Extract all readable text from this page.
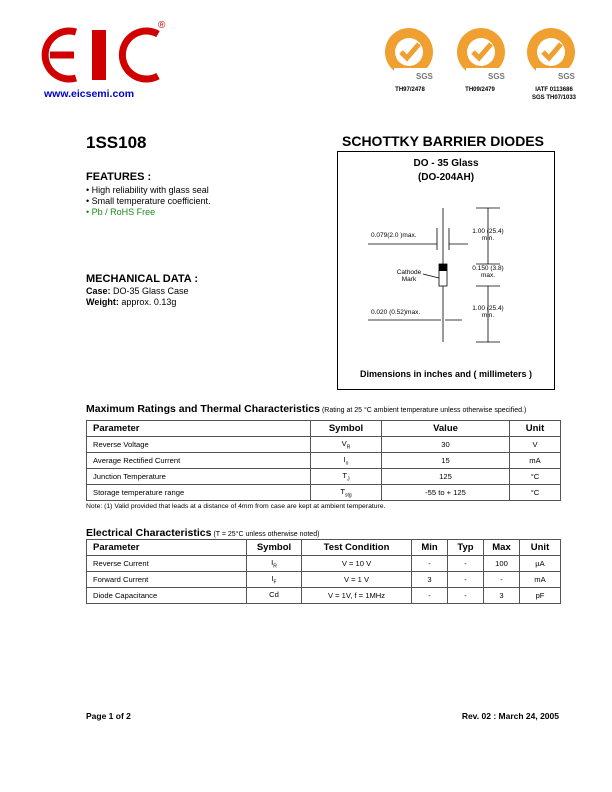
®
www.eicsemi.com
SGS
TH97/2478
SGS
TH09/2479
SGS
IATF 0113686
SGS TH07/1033
1SS108	SCHOTTKY BARRIER DIODES
FEATURES :
• High reliability with glass seal
• Small temperature coefficient.
• Pb / RoHS Free
MECHANICAL DATA :
Case: DO-35 Glass Case
Weight: approx. 0.13g
DO - 35 Glass
(DO-204AH)
0.079(2.0 )max.
1.00 (25.4)
min.
Cathode
Mark
0.150 (3.8)
max.
0.020 (0.52)max.
1.00 (25.4)
min.
Dimensions in inches and ( millimeters )
Maximum Ratings and Thermal Characteristics (Rating at 25 °C ambient temperature unless otherwise specified.)
Parameter	Symbol	Value	Unit
Reverse Voltage	$V_R$	30	V
Average Rectified Current	$I_o$	15	mA
Junction Temperature	$T_J$	125	°C
Storage temperature range	$T_{stg}$	-55 to + 125	°C
Note: (1) Valid provided that leads at a distance of 4mm from case are kept at ambient temperature.
Electrical Characteristics (T = 25°C unless otherwise noted)
Parameter	Symbol	Test Condition	Min	Typ	Max	Unit
Reverse Current	$I_R$	V = 10 V	-	-	100	µA
Forward Current	$I_F$	V = 1 V	3	-	-	mA
Diode Capacitance	Cd	V = 1V, f = 1MHz	-	-	3	pF
Page 1 of 2	Rev. 02 : March 24, 2005
